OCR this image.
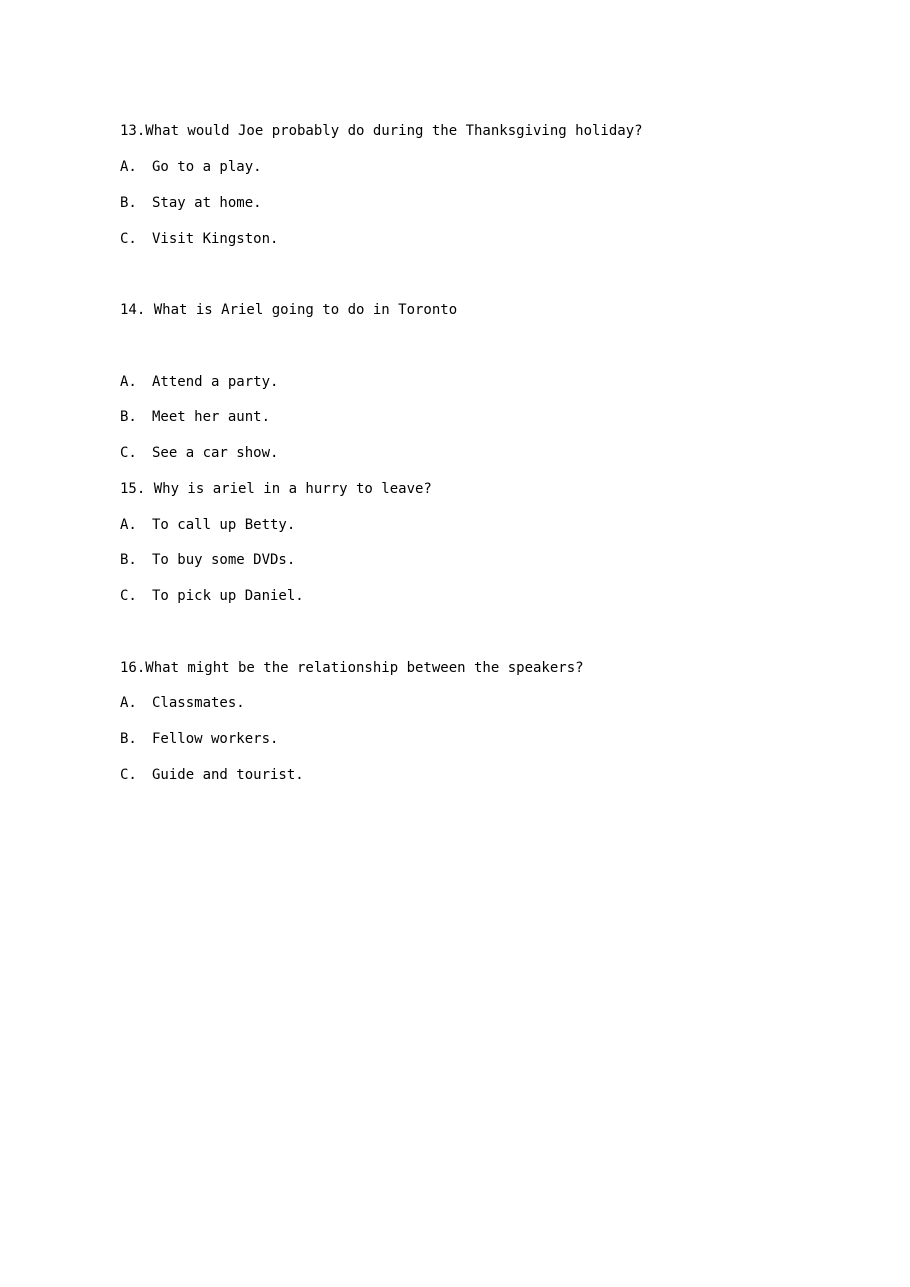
13.What would Joe probably do during the Thanksgiving holiday?
A. Go to a play.
B. Stay at home.
C. Visit Kingston.
14. What is Ariel going to do in Toronto
A. Attend a party.
B. Meet her aunt.
C. See a car show.
15. Why is ariel in a hurry to leave?
A. To call up Betty.
B. To buy some DVDs.
C. To pick up Daniel.
16.What might be the relationship between the speakers?
A. Classmates.
B. Fellow workers.
C. Guide and tourist.
